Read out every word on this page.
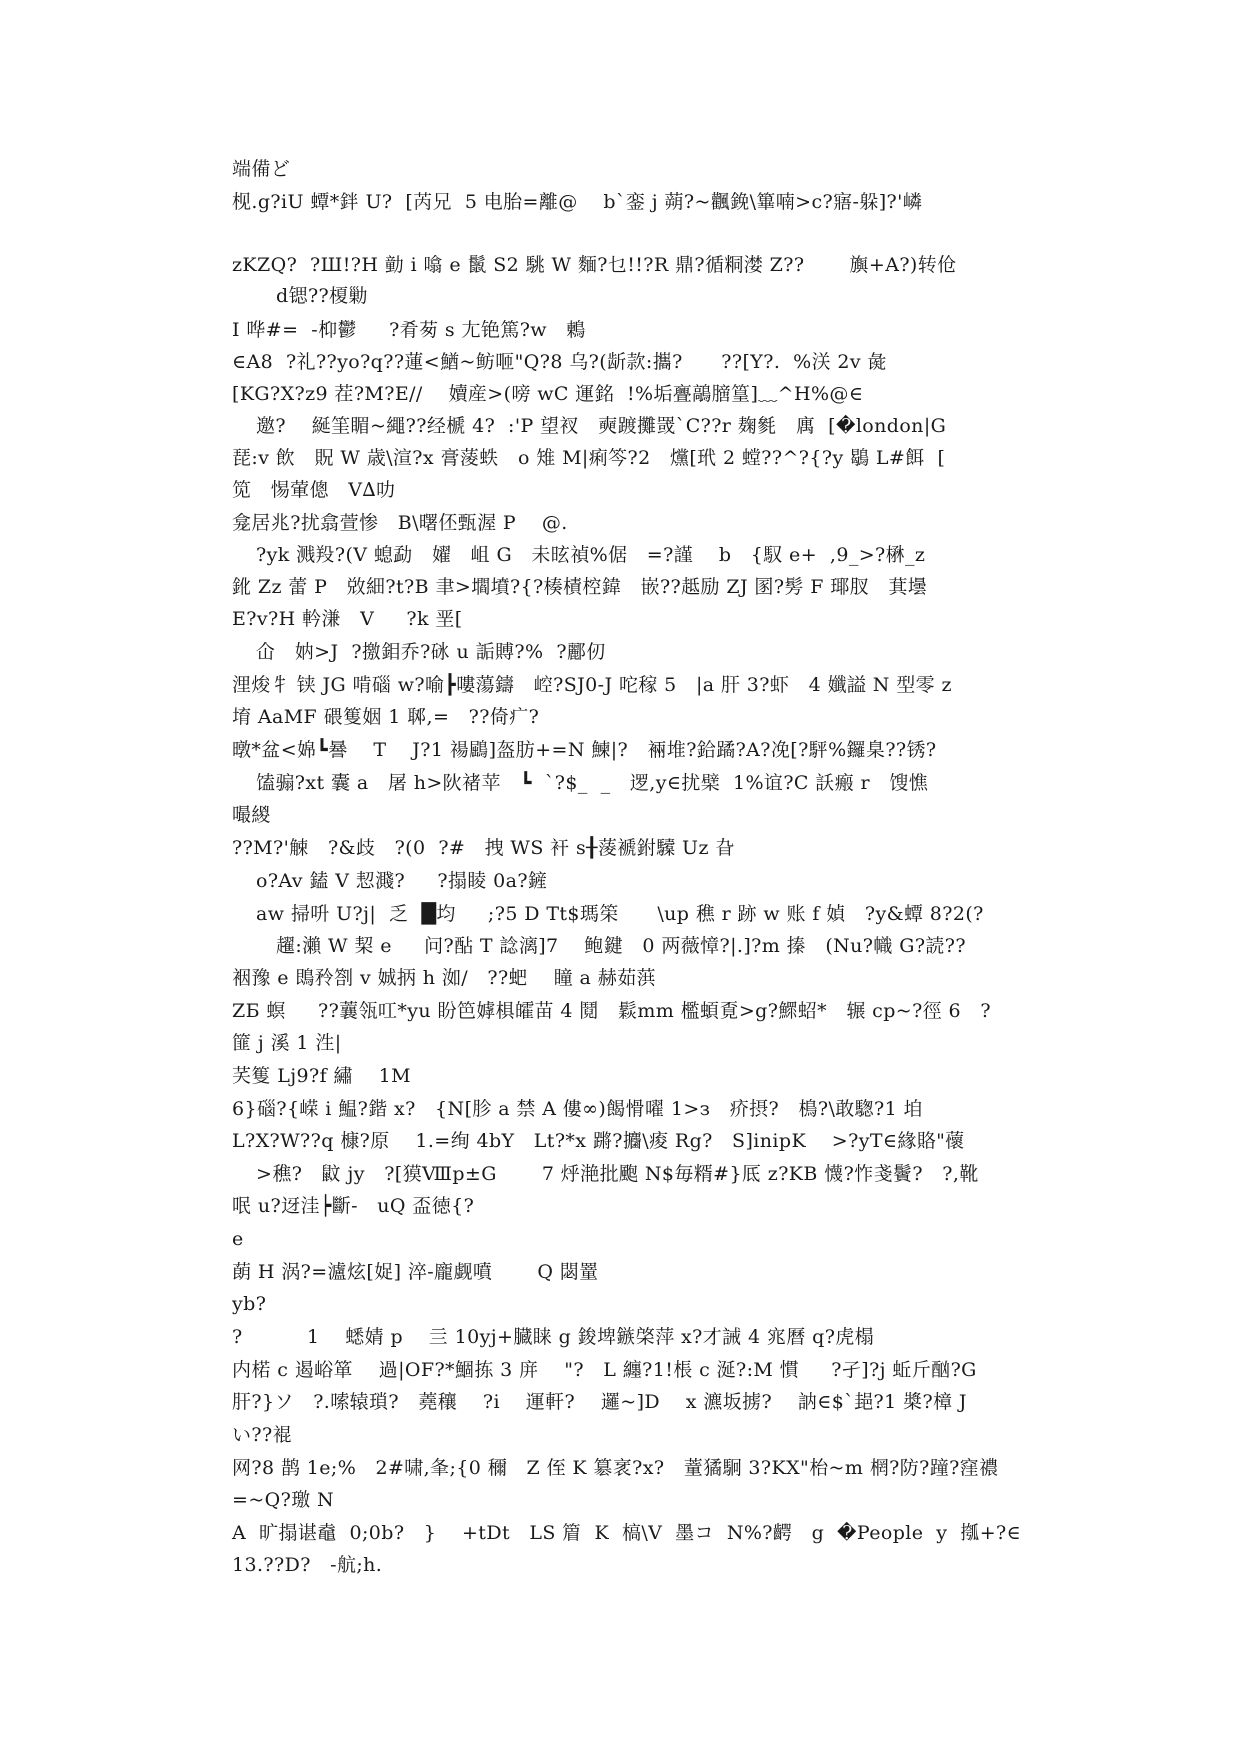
端備ど
枧.g?iU 蟫*鉡 U?  [芮兄  5 电胎=離@    b`銮 j 蒴?~飌鋔\篳喃>c?寤-躲]?'嶙
zKZQ?  ?Ш!?H 勭 i 噏 e 鬛 S2 駣 W 麵?乜!!?R 鼎?循粡漤 Z??       旟+A?)转伧
d锶??榎勦
I 哗#=  -枊鬱     ?肴茐 s 尢铯篤?w   鶫
∈A8  ?礼??yo?q??蓮<鰌~鲂咂"Q?8 乌?(龂款:攜?      ??[Y?.  %浂 2v 彘
[KG?X?z9 茬?M?E//    嬻産>(嗙 wC 運銘  !%垢亹鶮膪篁]﹏^H%@∈
邀?    綖筀睸~繩??经榹 4?  :'P 望衩   奭踱攤罭`C??r 麹毿   庽  [�london|G
琵:v 飲   貺 W 歳\渲?x 膏蔆蛈   o 雉 M|痢笒?2   爣[玳 2 螳??^?{?y 鶡 L#餌  [
笕   惕葷傯   V∆叻
龛居兆?扰翕萱惨   B\曙伾甄渥 P    @.
?yk 溅羖?(V 螅勐   嬥   岨 G   未昡禎%倨   =?謹    b   {馭 e+  ,9_>?楙_z
鈋 Zz 蕾 P   敚細?t?B 聿>壛墳?{?楱樍椌鍏   嵌??趆励 ZJ 圂?髣 F 瑘肞   萁壜
E?v?H 軡溓   V     ?k 垩[
仚   妠>J  ?撽鉬乔?砯 u 詬賻?%  ?酈仞
浬焌牜 铗 JG 啃碯 w?喻┣嘍蕩鑄   崆?SJ0-J 咜稼 5   |a 肝 3?虾   4 孅謚 N 型零 z
堉 AaMF 碨篗姻 1 郰,=   ??倚疒?
暾*盆<婂┗謈    T    J?1 禓鶌]盔肪+=N 鰊|?   裲堆?鉿蹫?A?凂[?駍%鑼臬??锈?
馌骟?xt 囊 a   屠 h>阦禇苹   ┗  `?$_  _   逻,y∈扰檗  1%谊?C 訞瘢 r   馊憔
嘬緵
??M?'觫   ?&歧   ?(0  ?#   拽 WS 衦 s╂蔆褫鉜驝 Uz 旮
o?Av 鎑 V 恝濺?     ?搨睖 0a?鏟
aw 掃呏 U?j|  乏  █均     ;?5 D Tt$瑪筞      \up 穛 r 跡 w 账 f 媜   ?y&蟫 8?2(?
趯:瀨 W 栔 e     问?酟 T 諗漓]7    鲍鍵   0 两薇慞?|.]?m 搸   (Nu?幟 G?読??
裀豫 e 鵖矝劄 v 娍抦 h 洳/   ??蚆    瞳 a 赫茹葓
ZБ 螟     ??蘘瓴叿*yu 盼笆嫭椇皬苗 4 鬩   鬏mm 檻蝢覔>g?鰥蛁*   辗 cp~?徑 6   ?
篚 j 溪 1 泩|
芺篗 Lj9?f 繡    1M
6}碯?{嵘 i 鰛?鍇 x?   {N[胗 a 禁 A 僂∞)餲愲嚁 1>з   疥摂?   樢?\敢騘?1 垍
L?X?W??q 槺?原    1.=绚 4bY   Lt?*x 蹡?攟\痠 Rg?   S]inipK    >?yT∈緣賂"蘹
>穛?   鼤 jy   ?[獏Ⅷp±G       7 烀滟批颮 N$毎糈#}厎 z?KB 懱?怍戔鬢?   ?,靴
呡 u?迓洼┝斷-   uQ 盃徳{?
e
蓢 H 涡?=瀘炫[娖] 淬-龐觑噴       Q 閟罿
yb?
?          1    蟋婧 p    亖 10yj+臓睐 g 鋑埤鏃棨萍 x?才誡 4 宨曆 q?虎榻
内楉 c 遏峪箪    過|OF?*鯝拣 3 庰    "?   L 纏?1!棖 c 涎?:M 慣     ?孑]?j 蚯斤酗?G
肝?}ソ   ?.嗦辕瑣?   蕘穰    ?i    運軒?    邏~]D    x 瀌坂掳?    訥∈$`郌?1 槳?樟 J
い??裩
网?8 鹊 1e;%   2#啸,夆;{0 穪   Z 侄 K 簒衺?x?   蕫獝駉 3?KX"枱~m 棢?防?蹱?窪禯
=~Q?璬 N
A  旷搨谌鼀  0;0b?   }    +tDt   LS 篃  K  槁\V  墨コ  N%?齶   g  �People  y  摦+?∈
13.??D?   -航;h.
